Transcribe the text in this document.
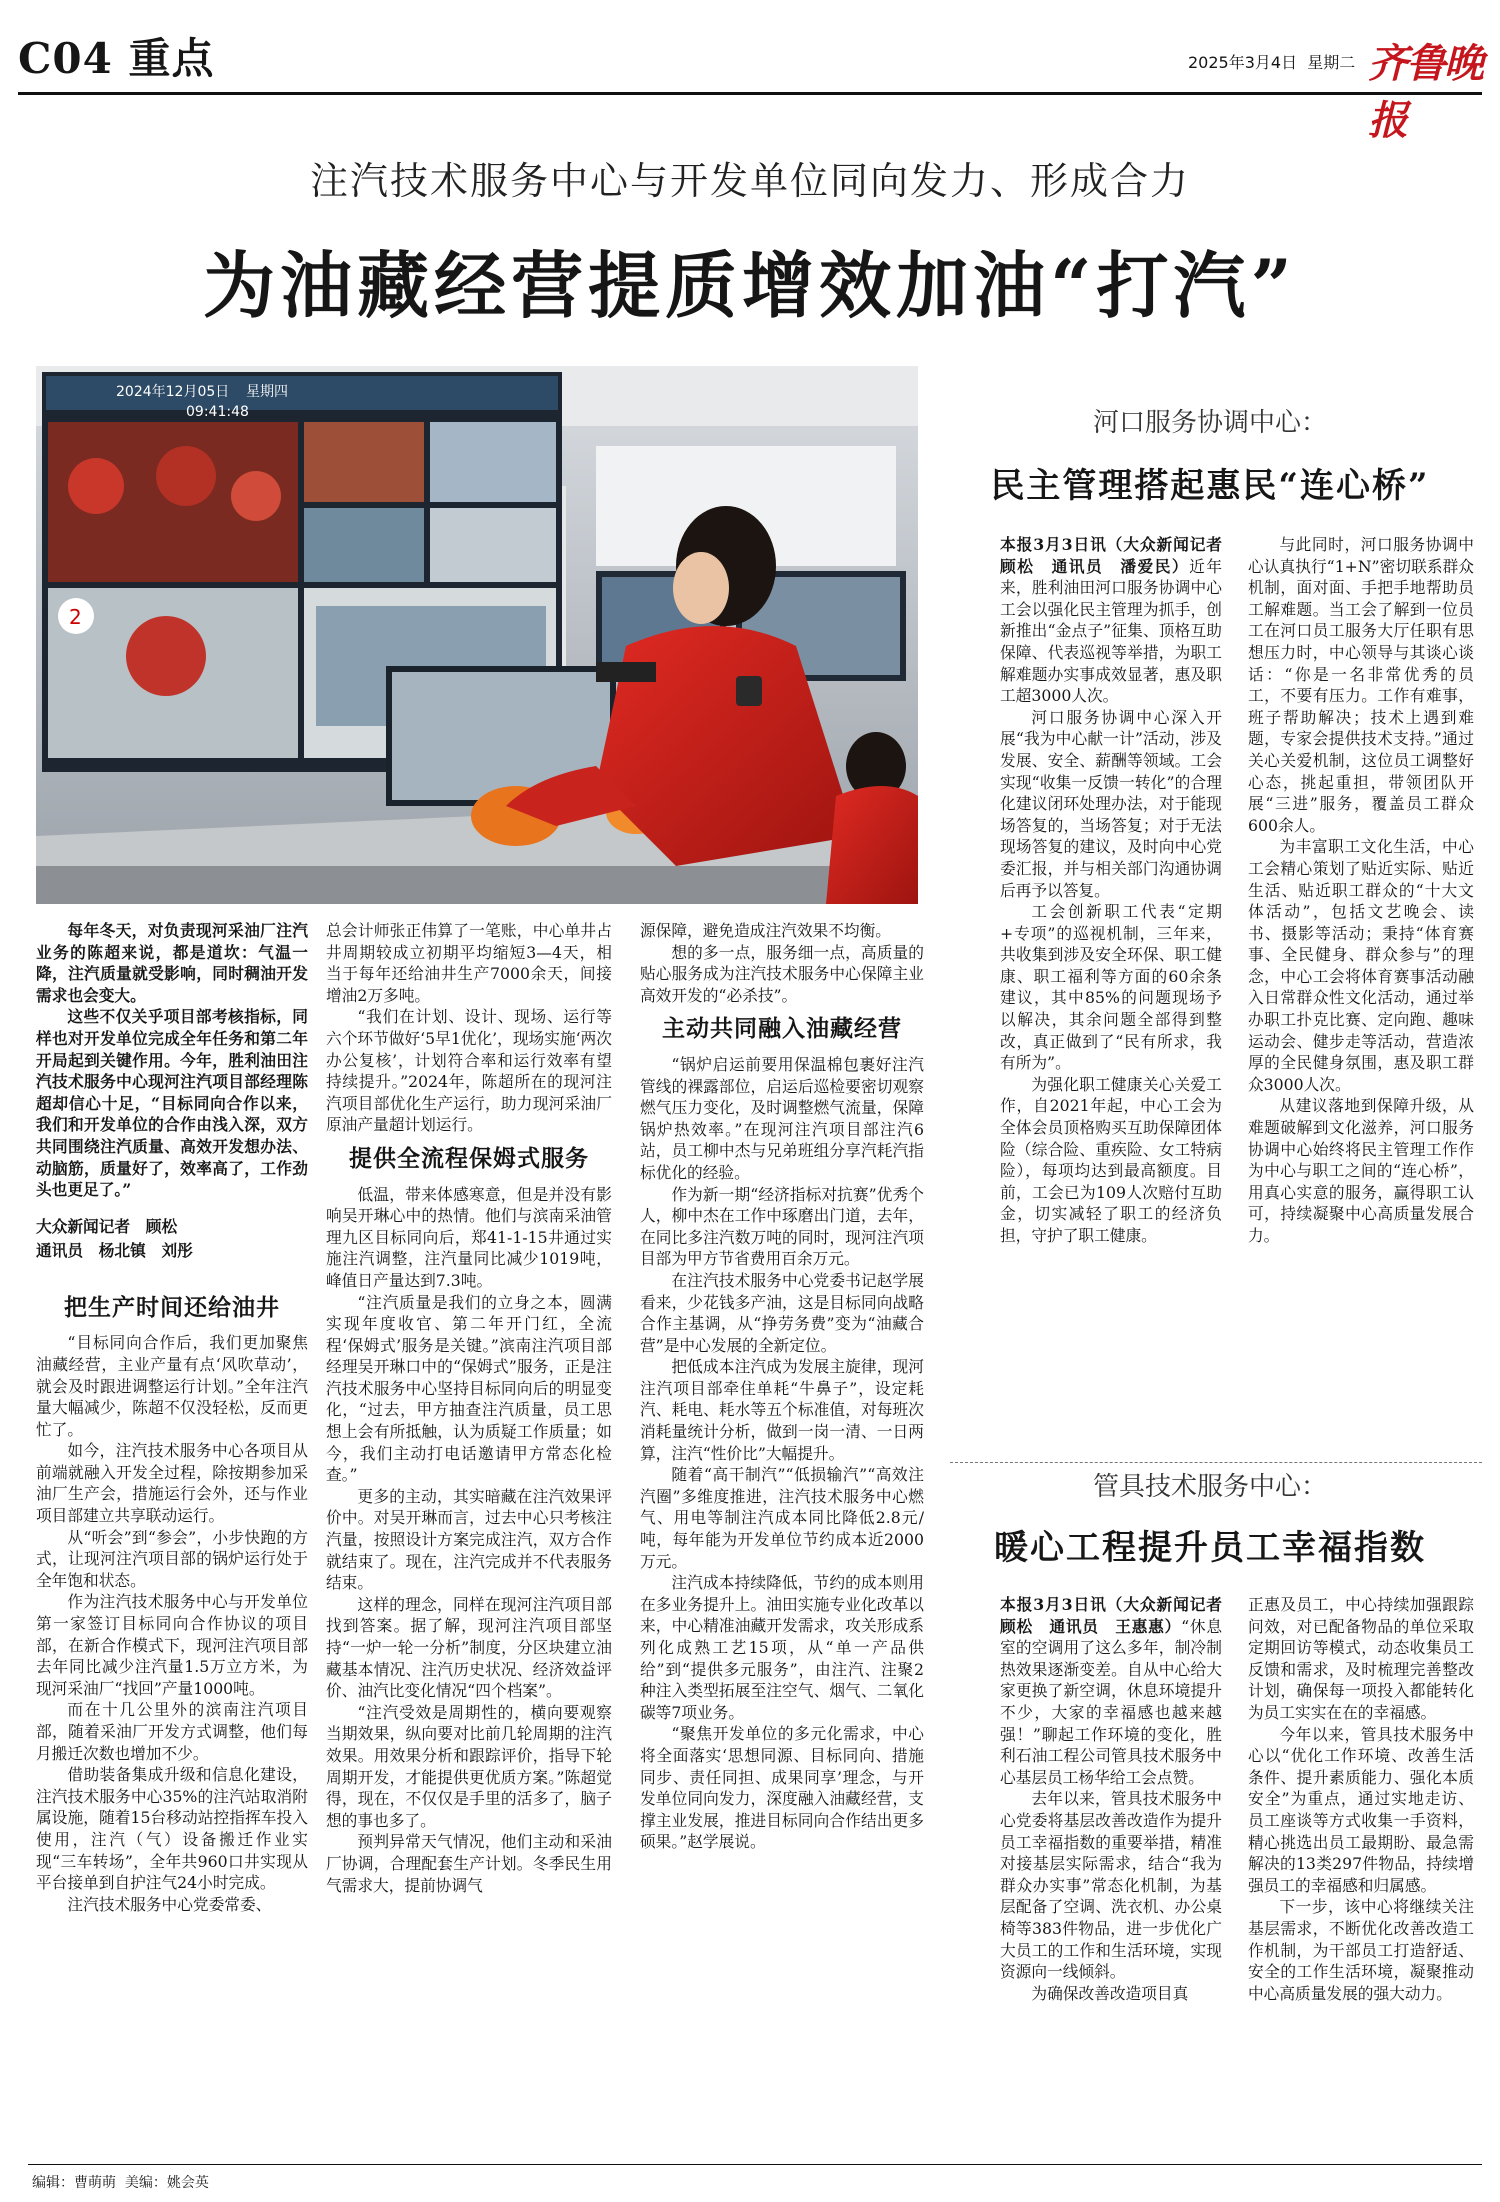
C04 重点	2025年3月4日 星期二 齐鲁晚报
注汽技术服务中心与开发单位同向发力、形成合力
为油藏经营提质增效加油“打汽”
2024年12月05日 星期四
09:41:48
2

每年冬天，对负责现河采油厂注汽业务的陈超来说，都是道坎：气温一降，注汽质量就受影响，同时稠油开发需求也会变大。

这些不仅关乎项目部考核指标，同样也对开发单位完成全年任务和第二年开局起到关键作用。今年，胜利油田注汽技术服务中心现河注汽项目部经理陈超却信心十足，“目标同向合作以来，我们和开发单位的合作由浅入深，双方共同围绕注汽质量、高效开发想办法、动脑筋，质量好了，效率高了，工作劲头也更足了。”

大众新闻记者　顾松
通讯员　杨北镇　刘彤
把生产时间还给油井

“目标同向合作后，我们更加聚焦油藏经营，主业产量有点‘风吹草动’，就会及时跟进调整运行计划。”全年注汽量大幅减少，陈超不仅没轻松，反而更忙了。

如今，注汽技术服务中心各项目从前端就融入开发全过程，除按期参加采油厂生产会，措施运行会外，还与作业项目部建立共享联动运行。

从“听会”到“参会”，小步快跑的方式，让现河注汽项目部的锅炉运行处于全年饱和状态。

作为注汽技术服务中心与开发单位第一家签订目标同向合作协议的项目部，在新合作模式下，现河注汽项目部去年同比减少注汽量1.5万立方米，为现河采油厂“找回”产量1000吨。

而在十几公里外的滨南注汽项目部，随着采油厂开发方式调整，他们每月搬迁次数也增加不少。

借助装备集成升级和信息化建设，注汽技术服务中心35%的注汽站取消附属设施，随着15台移动站控指挥车投入使用，注汽（气）设备搬迁作业实现“三车转场”，全年共960口井实现从平台接单到自护注气24小时完成。

注汽技术服务中心党委常委、

总会计师张正伟算了一笔账，中心单井占井周期较成立初期平均缩短3—4天，相当于每年还给油井生产7000余天，间接增油2万多吨。

“我们在计划、设计、现场、运行等六个环节做好‘5早1优化’，现场实施‘两次办公复核’，计划符合率和运行效率有望持续提升。”2024年，陈超所在的现河注汽项目部优化生产运行，助力现河采油厂原油产量超计划运行。

提供全流程保姆式服务

低温，带来体感寒意，但是并没有影响吴开琳心中的热情。他们与滨南采油管理九区目标同向后，郑41-1-15井通过实施注汽调整，注汽量同比减少1019吨，峰值日产量达到7.3吨。

“注汽质量是我们的立身之本，圆满实现年度收官、第二年开门红，全流程‘保姆式’服务是关键。”滨南注汽项目部经理吴开琳口中的“保姆式”服务，正是注汽技术服务中心坚持目标同向后的明显变化，“过去，甲方抽查注汽质量，员工思想上会有所抵触，认为质疑工作质量；如今，我们主动打电话邀请甲方常态化检查。”

更多的主动，其实暗藏在注汽效果评价中。对吴开琳而言，过去中心只考核注汽量，按照设计方案完成注汽，双方合作就结束了。现在，注汽完成并不代表服务结束。

这样的理念，同样在现河注汽项目部找到答案。据了解，现河注汽项目部坚持“一炉一轮一分析”制度，分区块建立油藏基本情况、注汽历史状况、经济效益评价、油汽比变化情况“四个档案”。

“注汽受效是周期性的，横向要观察当期效果，纵向要对比前几轮周期的注汽效果。用效果分析和跟踪评价，指导下轮周期开发，才能提供更优质方案。”陈超觉得，现在，不仅仅是手里的活多了，脑子想的事也多了。

预判异常天气情况，他们主动和采油厂协调，合理配套生产计划。冬季民生用气需求大，提前协调气

源保障，避免造成注汽效果不均衡。

想的多一点，服务细一点，高质量的贴心服务成为注汽技术服务中心保障主业高效开发的“必杀技”。

主动共同融入油藏经营

“锅炉启运前要用保温棉包裹好注汽管线的裸露部位，启运后巡检要密切观察燃气压力变化，及时调整燃气流量，保障锅炉热效率。”在现河注汽项目部注汽6站，员工柳中杰与兄弟班组分享汽耗汽指标优化的经验。

作为新一期“经济指标对抗赛”优秀个人，柳中杰在工作中琢磨出门道，去年，在同比多注汽数万吨的同时，现河注汽项目部为甲方节省费用百余万元。

在注汽技术服务中心党委书记赵学展看来，少花钱多产油，这是目标同向战略合作主基调，从“挣劳务费”变为“油藏合营”是中心发展的全新定位。

把低成本注汽成为发展主旋律，现河注汽项目部牵住单耗“牛鼻子”，设定耗汽、耗电、耗水等五个标准值，对每班次消耗量统计分析，做到一岗一清、一日两算，注汽“性价比”大幅提升。

随着“高干制汽”“低损输汽”“高效注汽圈”多维度推进，注汽技术服务中心燃气、用电等制注汽成本同比降低2.8元/吨，每年能为开发单位节约成本近2000万元。

注汽成本持续降低，节约的成本则用在多业务提升上。油田实施专业化改革以来，中心精准油藏开发需求，攻关形成系列化成熟工艺15项，从“单一产品供给”到“提供多元服务”，由注汽、注聚2种注入类型拓展至注空气、烟气、二氧化碳等7项业务。

“聚焦开发单位的多元化需求，中心将全面落实‘思想同源、目标同向、措施同步、责任同担、成果同享’理念，与开发单位同向发力，深度融入油藏经营，支撑主业发展，推进目标同向合作结出更多硕果。”赵学展说。

河口服务协调中心：
民主管理搭起惠民“连心桥”

本报3月3日讯（大众新闻记者　顾松　通讯员　潘爱民）近年来，胜利油田河口服务协调中心工会以强化民主管理为抓手，创新推出“金点子”征集、顶格互助保障、代表巡视等举措，为职工解难题办实事成效显著，惠及职工超3000人次。

河口服务协调中心深入开展“我为中心献一计”活动，涉及发展、安全、薪酬等领域。工会实现“收集一反馈一转化”的合理化建议闭环处理办法，对于能现场答复的，当场答复；对于无法现场答复的建议，及时向中心党委汇报，并与相关部门沟通协调后再予以答复。

工会创新职工代表“定期+专项”的巡视机制，三年来，共收集到涉及安全环保、职工健康、职工福利等方面的60余条建议，其中85%的问题现场予以解决，其余问题全部得到整改，真正做到了“民有所求，我有所为”。

为强化职工健康关心关爱工作，自2021年起，中心工会为全体会员顶格购买互助保障团体险（综合险、重疾险、女工特病险），每项均达到最高额度。目前，工会已为109人次赔付互助金，切实减轻了职工的经济负担，守护了职工健康。

与此同时，河口服务协调中心认真执行“1+N”密切联系群众机制，面对面、手把手地帮助员工解难题。当工会了解到一位员工在河口员工服务大厅任职有思想压力时，中心领导与其谈心谈话：“你是一名非常优秀的员工，不要有压力。工作有难事，班子帮助解决；技术上遇到难题，专家会提供技术支持。”通过关心关爱机制，这位员工调整好心态，挑起重担，带领团队开展“三进”服务，覆盖员工群众600余人。

为丰富职工文化生活，中心工会精心策划了贴近实际、贴近生活、贴近职工群众的“十大文体活动”，包括文艺晚会、读书、摄影等活动；秉持“体育赛事、全民健身、群众参与”的理念，中心工会将体育赛事活动融入日常群众性文化活动，通过举办职工扑克比赛、定向跑、趣味运动会、健步走等活动，营造浓厚的全民健身氛围，惠及职工群众3000人次。

从建议落地到保障升级，从难题破解到文化滋养，河口服务协调中心始终将民主管理工作作为中心与职工之间的“连心桥”，用真心实意的服务，赢得职工认可，持续凝聚中心高质量发展合力。

管具技术服务中心：
暖心工程提升员工幸福指数

本报3月3日讯（大众新闻记者　顾松　通讯员　王惠惠）“休息室的空调用了这么多年，制冷制热效果逐渐变差。自从中心给大家更换了新空调，休息环境提升不少，大家的幸福感也越来越强！”聊起工作环境的变化，胜利石油工程公司管具技术服务中心基层员工杨华给工会点赞。

去年以来，管具技术服务中心党委将基层改善改造作为提升员工幸福指数的重要举措，精准对接基层实际需求，结合“我为群众办实事”常态化机制，为基层配备了空调、洗衣机、办公桌椅等383件物品，进一步优化广大员工的工作和生活环境，实现资源向一线倾斜。

为确保改善改造项目真

正惠及员工，中心持续加强跟踪问效，对已配备物品的单位采取定期回访等模式，动态收集员工反馈和需求，及时梳理完善整改计划，确保每一项投入都能转化为员工实实在在的幸福感。

今年以来，管具技术服务中心以“优化工作环境、改善生活条件、提升素质能力、强化本质安全”为重点，通过实地走访、员工座谈等方式收集一手资料，精心挑选出员工最期盼、最急需解决的13类297件物品，持续增强员工的幸福感和归属感。

下一步，该中心将继续关注基层需求，不断优化改善改造工作机制，为干部员工打造舒适、安全的工作生活环境，凝聚推动中心高质量发展的强大动力。

编辑：曹萌萌 美编：姚会英
